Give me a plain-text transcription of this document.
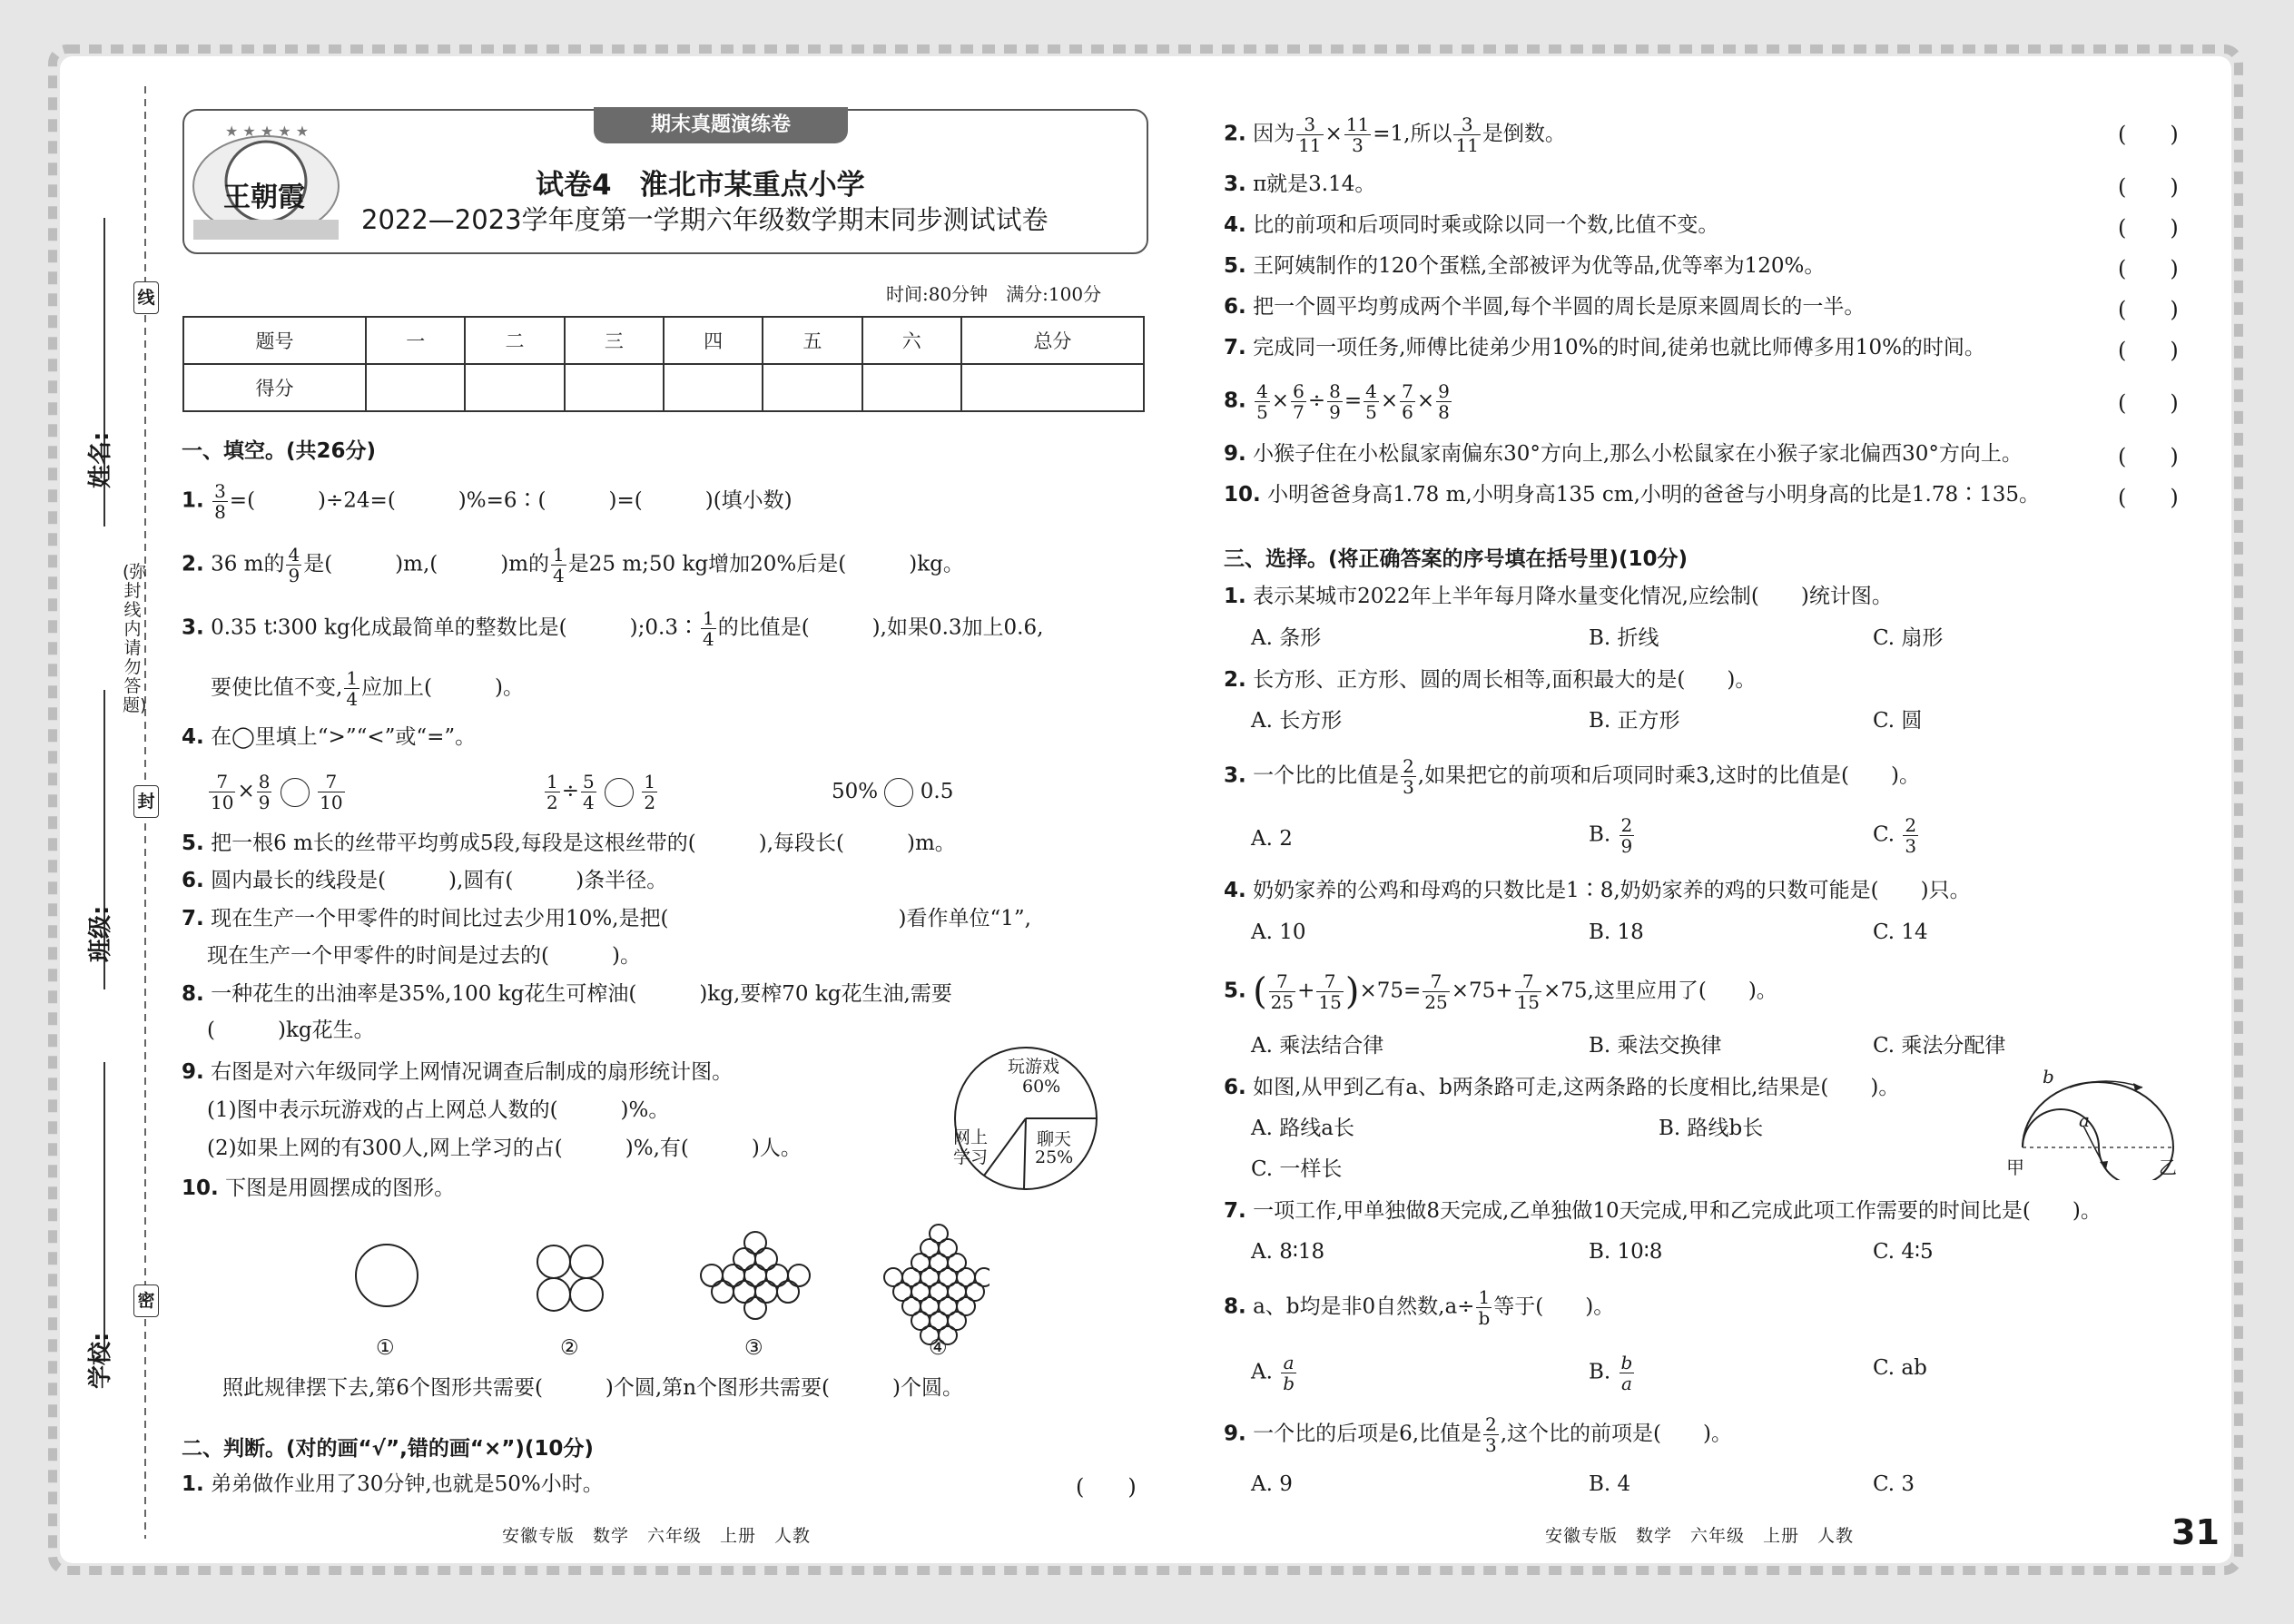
线
封
密
(弥封线内请勿答题)
姓名:
班级:
学校:
期末真题演练卷
★ ★ ★ ★ ★
王朝霞	试卷4　淮北市某重点小学
2022—2023学年度第一学期六年级数学期末同步测试试卷
时间:80分钟　满分:100分
题号	一	二	三	四	五	六	总分
得分							
一、填空。(共26分)
1. $\frac{3}{8}$ =(　　　)÷24=(　　　)%=6∶(　　　)=(　　　)(填小数)
2. 36 m的 $\frac{4}{9}$ 是(　　　)m,(　　　)m的 $\frac{1}{4}$ 是25 m;50 kg增加20%后是(　　　)kg。
3. 0.35 t∶300 kg化成最简单的整数比是(　　　);0.3∶ $\frac{1}{4}$ 的比值是(　　　),如果0.3加上0.6,
要使比值不变, $\frac{1}{4}$ 应加上(　　　)。
4. 在◯里填上“>”“<”或“=”。
$\frac{7}{10} \times \frac{8}{9}$
	$\frac{7}{10}$	$\frac{1}{2} \div \frac{5}{4}$
	$\frac{1}{2}$	50% 0.5
5. 把一根6 m长的丝带平均剪成5段,每段是这根丝带的(　　　),每段长(　　　)m。
6. 圆内最长的线段是(　　　),圆有(　　　)条半径。
7. 现在生产一个甲零件的时间比过去少用10%,是把(　　　　　　　　　　　)看作单位“1”,
现在生产一个甲零件的时间是过去的(　　　)。
8. 一种花生的出油率是35%,100 kg花生可榨油(　　　)kg,要榨70 kg花生油,需要
(　　　)kg花生。
9. 右图是对六年级同学上网情况调查后制成的扇形统计图。
(1)图中表示玩游戏的占上网总人数的(　　　)%。
(2)如果上网的有300人,网上学习的占(　　　)%,有(　　　)人。
玩游戏
60%
聊天
25%
网上学习
10. 下图是用圆摆成的图形。
①	②	③	④
照此规律摆下去,第6个图形共需要(　　　)个圆,第n个图形共需要(　　　)个圆。
二、判断。(对的画“√”,错的画“×”)(10分)
1. 弟弟做作业用了30分钟,也就是50%小时。	(　　)
安徽专版　数学　六年级　上册　人教
2. 因为 $\frac{3}{11} \times \frac{11}{3} =1$,所以 $\frac{3}{11}$ 是倒数。	(　　)
3. π就是3.14。	(　　)
4. 比的前项和后项同时乘或除以同一个数,比值不变。	(　　)
5. 王阿姨制作的120个蛋糕,全部被评为优等品,优等率为120%。	(　　)
6. 把一个圆平均剪成两个半圆,每个半圆的周长是原来圆周长的一半。	(　　)
7. 完成同一项任务,师傅比徒弟少用10%的时间,徒弟也就比师傅多用10%的时间。	(　　)
8. $\frac{4}{5} \times \frac{6}{7} \div \frac{8}{9} = \frac{4}{5} \times \frac{7}{6} \times \frac{9}{8}$	(　　)
9. 小猴子住在小松鼠家南偏东30°方向上,那么小松鼠家在小猴子家北偏西30°方向上。	(　　)
10. 小明爸爸身高1.78 m,小明身高135 cm,小明的爸爸与小明身高的比是1.78∶135。	(　　)
三、选择。(将正确答案的序号填在括号里)(10分)
1. 表示某城市2022年上半年每月降水量变化情况,应绘制(　　)统计图。
A. 条形	B. 折线	C. 扇形
2. 长方形、正方形、圆的周长相等,面积最大的是(　　)。
A. 长方形	B. 正方形	C. 圆
3. 一个比的比值是 $\frac{2}{3}$ ,如果把它的前项和后项同时乘3,这时的比值是(　　)。
A. 2	B. $\frac{2}{9}$	C. $\frac{2}{3}$
4. 奶奶家养的公鸡和母鸡的只数比是1∶8,奶奶家养的鸡的只数可能是(　　)只。
A. 10	B. 18	C. 14
5. ( $\frac{7}{25} + \frac{7}{15} )\times 75= \frac{7}{25} \times 75+ \frac{7}{15} \times 75$,这里应用了(　　)。
A. 乘法结合律	B. 乘法交换律	C. 乘法分配律
6. 如图,从甲到乙有a、b两条路可走,这两条路的长度相比,结果是(　　)。
A. 路线a长	B. 路线b长
C. 一样长
b
a
甲	乙
7. 一项工作,甲单独做8天完成,乙单独做10天完成,甲和乙完成此项工作需要的时间比是(　　)。
A. 8∶18	B. 10∶8	C. 4∶5
8. a、b均是非0自然数$,a\div \frac{1}{b}$ 等于(　　)。
A. $\frac{a}{b}$	B. $\frac{b}{a}$	C. ab
9. 一个比的后项是6,比值是 $\frac{2}{3}$ ,这个比的前项是(　　)。
A. 9	B. 4	C. 3
安徽专版　数学　六年级　上册　人教	31
